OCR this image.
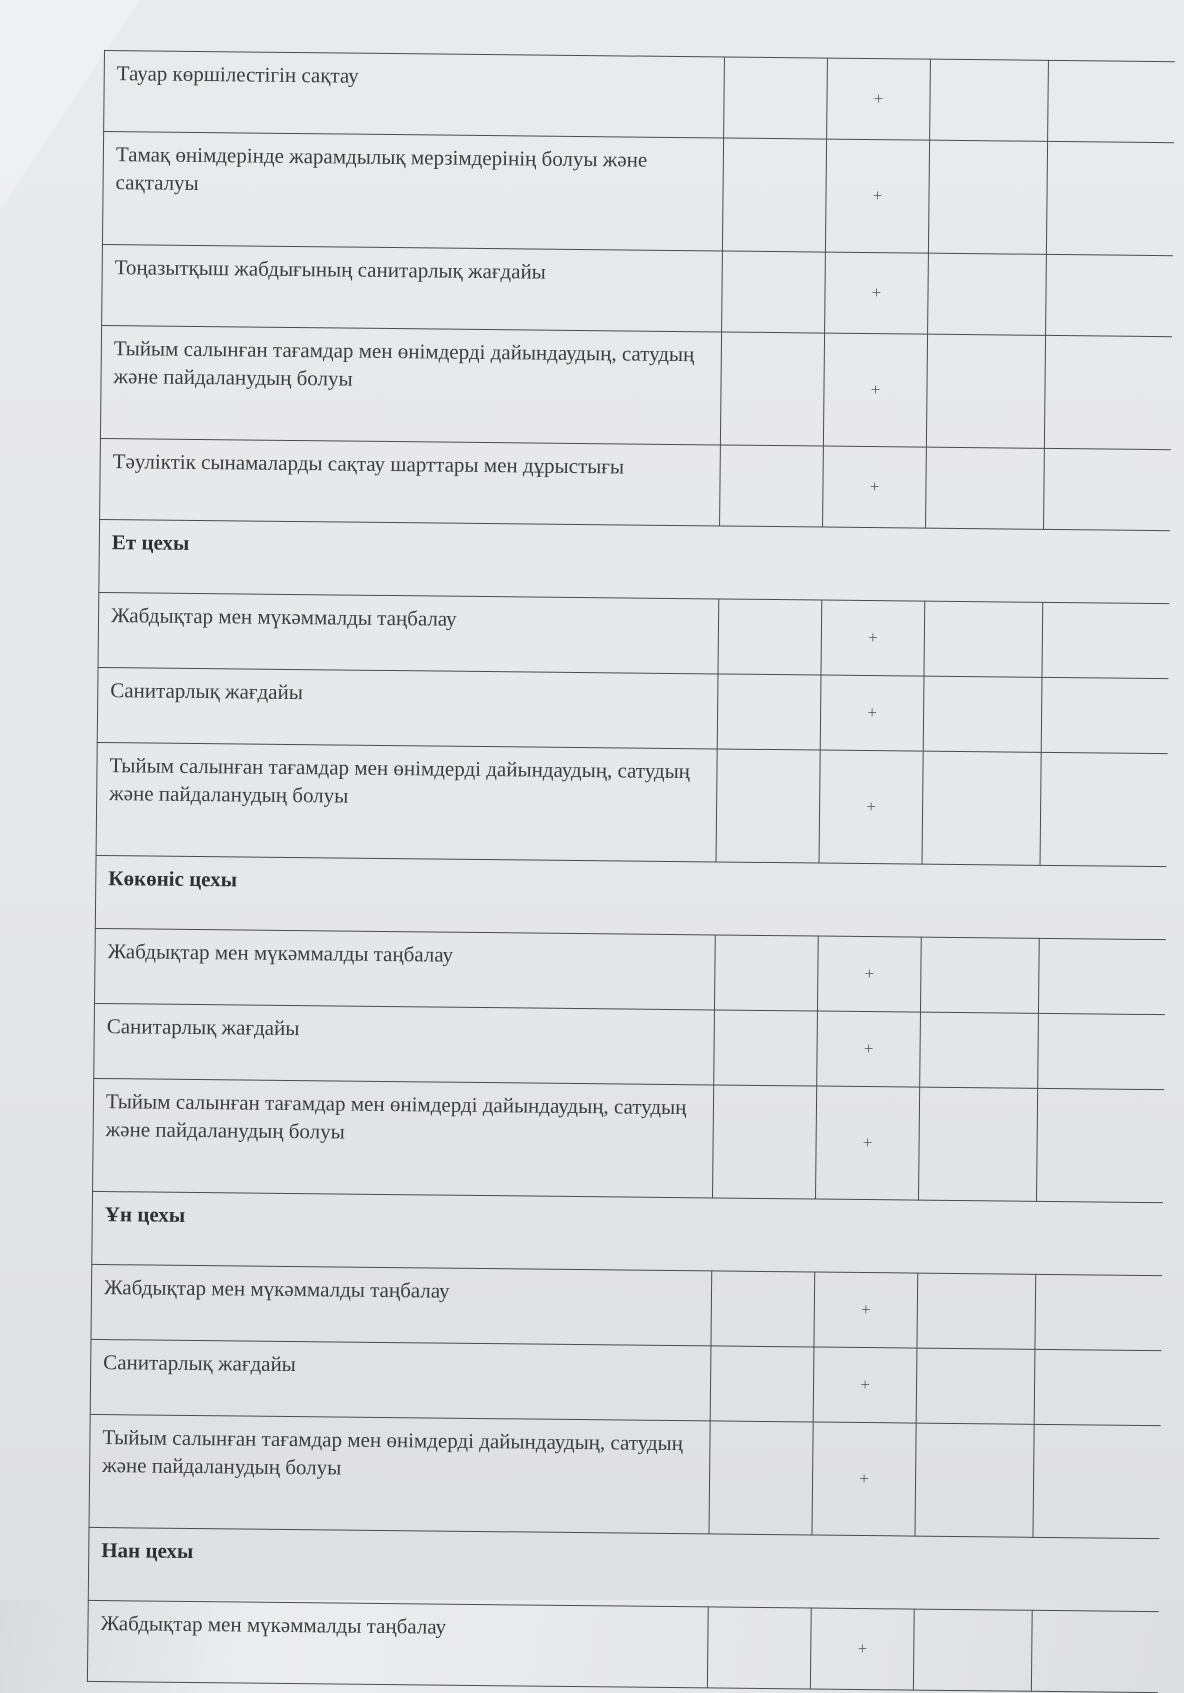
Тауар көршілестігін сақтау		+		
Тамақ өнімдерінде жарамдылық мерзімдерінің болуы және сақталуы		+		
Тоңазытқыш жабдығының санитарлық жағдайы		+		
Тыйым салынған тағамдар мен өнімдерді дайындаудың, сатудың және пайдаланудың болуы		+		
Тәуліктік сынамаларды сақтау шарттары мен дұрыстығы		+		
Ет цехы				
Жабдықтар мен мүкәммалды таңбалау		+		
Санитарлық жағдайы		+		
Тыйым салынған тағамдар мен өнімдерді дайындаудың, сатудың және пайдаланудың болуы		+		
Көкөніс цехы				
Жабдықтар мен мүкәммалды таңбалау		+		
Санитарлық жағдайы		+		
Тыйым салынған тағамдар мен өнімдерді дайындаудың, сатудың және пайдаланудың болуы		+		
Ұн цехы				
Жабдықтар мен мүкәммалды таңбалау		+		
Санитарлық жағдайы		+		
Тыйым салынған тағамдар мен өнімдерді дайындаудың, сатудың және пайдаланудың болуы		+		
Нан цехы				
Жабдықтар мен мүкәммалды таңбалау		+		
